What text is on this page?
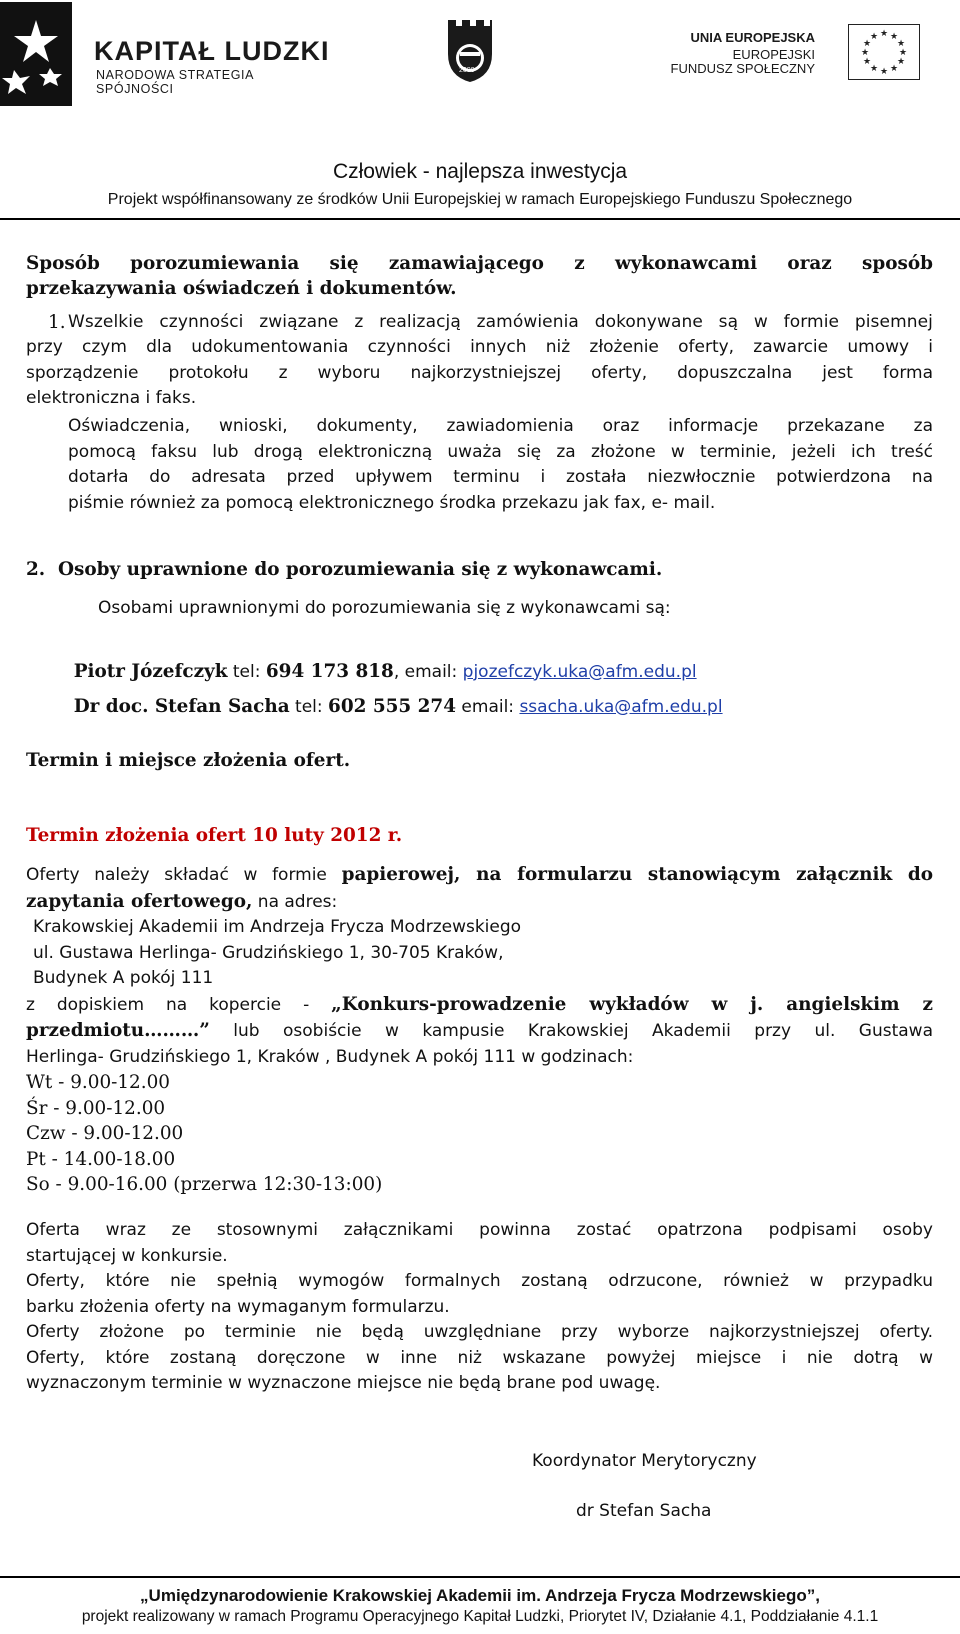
KAPITAŁ LUDZKI
NARODOWA STRATEGIA SPÓJNOŚCI
2000
UNIA EUROPEJSKA
EUROPEJSKI
FUNDUSZ SPOŁECZNY
★ ★
★
★
★
★
★
★
★
★
★
★
Człowiek - najlepsza inwestycja
Projekt współfinansowany ze środków Unii Europejskiej w ramach Europejskiego Funduszu Społecznego
Sposób porozumiewania się zamawiającego z wykonawcami oraz sposób
przekazywania oświadczeń i dokumentów.
1. Wszelkie czynności związane z realizacją zamówienia dokonywane są w formie pisemnej
przy czym dla udokumentowania czynności innych niż złożenie oferty, zawarcie umowy i
sporządzenie protokołu z wyboru najkorzystniejszej oferty, dopuszczalna jest forma
elektroniczna i faks.
Oświadczenia, wnioski, dokumenty, zawiadomienia oraz informacje przekazane za
pomocą faksu lub drogą elektroniczną uważa się za złożone w terminie, jeżeli ich treść
dotarła do adresata przed upływem terminu i została niezwłocznie potwierdzona na
piśmie również za pomocą elektronicznego środka przekazu jak fax, e- mail.
2.  Osoby uprawnione do porozumiewania się z wykonawcami.
Osobami uprawnionymi do porozumiewania się z wykonawcami są:

Piotr Józefczyk tel: 694 173 818, email: pjozefczyk.uka@afm.edu.pl

Dr doc. Stefan Sacha tel: 602 555 274 email: ssacha.uka@afm.edu.pl

Termin i miejsce złożenia ofert.
Termin złożenia ofert 10 luty 2012 r.
Oferty należy składać w formie papierowej, na formularzu stanowiącym załącznik do
zapytania ofertowego, na adres:
Krakowskiej Akademii im Andrzeja Frycza Modrzewskiego
ul. Gustawa Herlinga- Grudzińskiego 1, 30-705 Kraków,
Budynek A pokój 111
z dopiskiem na kopercie - „Konkurs-prowadzenie wykładów w j. angielskim z
przedmiotu………” lub osobiście w kampusie Krakowskiej Akademii przy ul. Gustawa
Herlinga- Grudzińskiego 1, Kraków , Budynek A pokój 111 w godzinach:
Wt - 9.00-12.00
Śr - 9.00-12.00
Czw - 9.00-12.00
Pt - 14.00-18.00
So - 9.00-16.00 (przerwa 12:30-13:00)
Oferta wraz ze stosownymi załącznikami powinna zostać opatrzona podpisami osoby
startującej w konkursie.
Oferty, które nie spełnią wymogów formalnych zostaną odrzucone, również w przypadku
barku złożenia oferty na wymaganym formularzu.
Oferty złożone po terminie nie będą uwzględniane przy wyborze najkorzystniejszej oferty.
Oferty, które zostaną doręczone w inne niż wskazane powyżej miejsce i nie dotrą w
wyznaczonym terminie w wyznaczone miejsce nie będą brane pod uwagę.
Koordynator Merytoryczny
dr Stefan Sacha
„Umiędzynarodowienie Krakowskiej Akademii im. Andrzeja Frycza Modrzewskiego”,
projekt realizowany w ramach Programu Operacyjnego Kapitał Ludzki, Priorytet IV, Działanie 4.1, Poddziałanie 4.1.1
